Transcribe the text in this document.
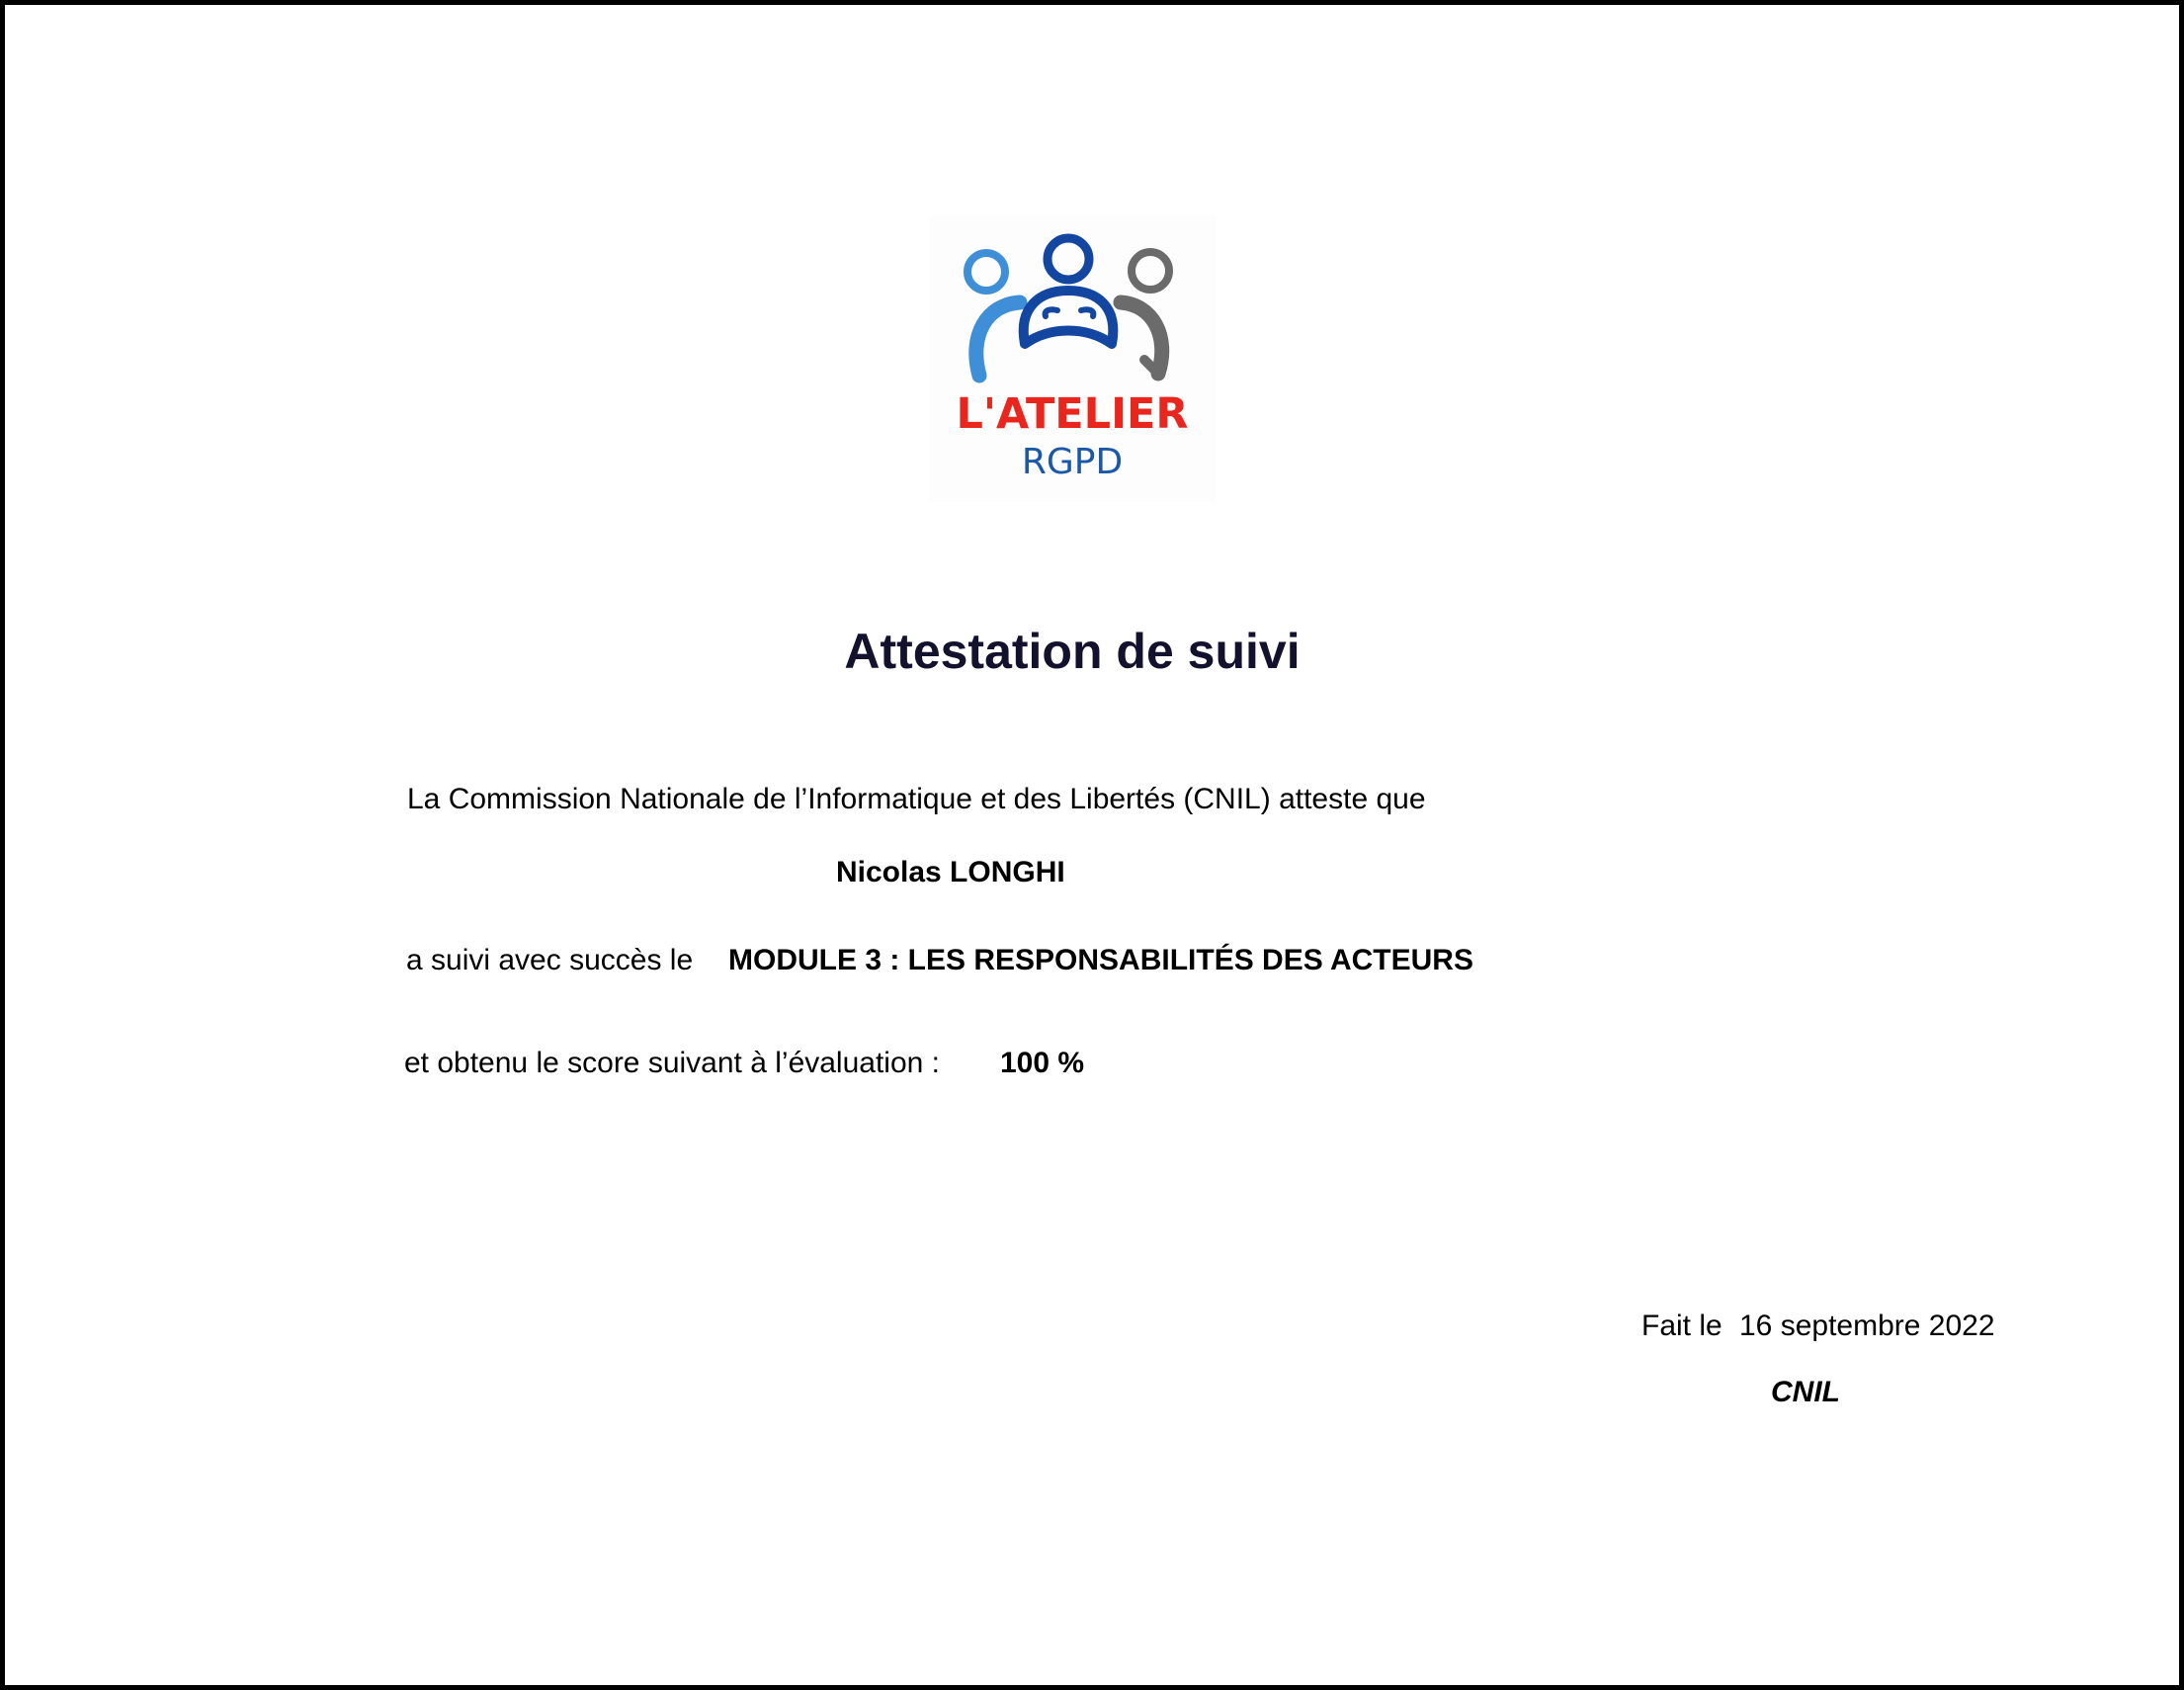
L'ATELIER
RGPD
Attestation de suivi
La Commission Nationale de l’Informatique et des Libertés (CNIL) atteste que
Nicolas LONGHI
a suivi avec succès le MODULE 3 : LES RESPONSABILITÉS DES ACTEURS
et obtenu le score suivant à l’évaluation : 100 %
Fait le 16 septembre 2022
CNIL
